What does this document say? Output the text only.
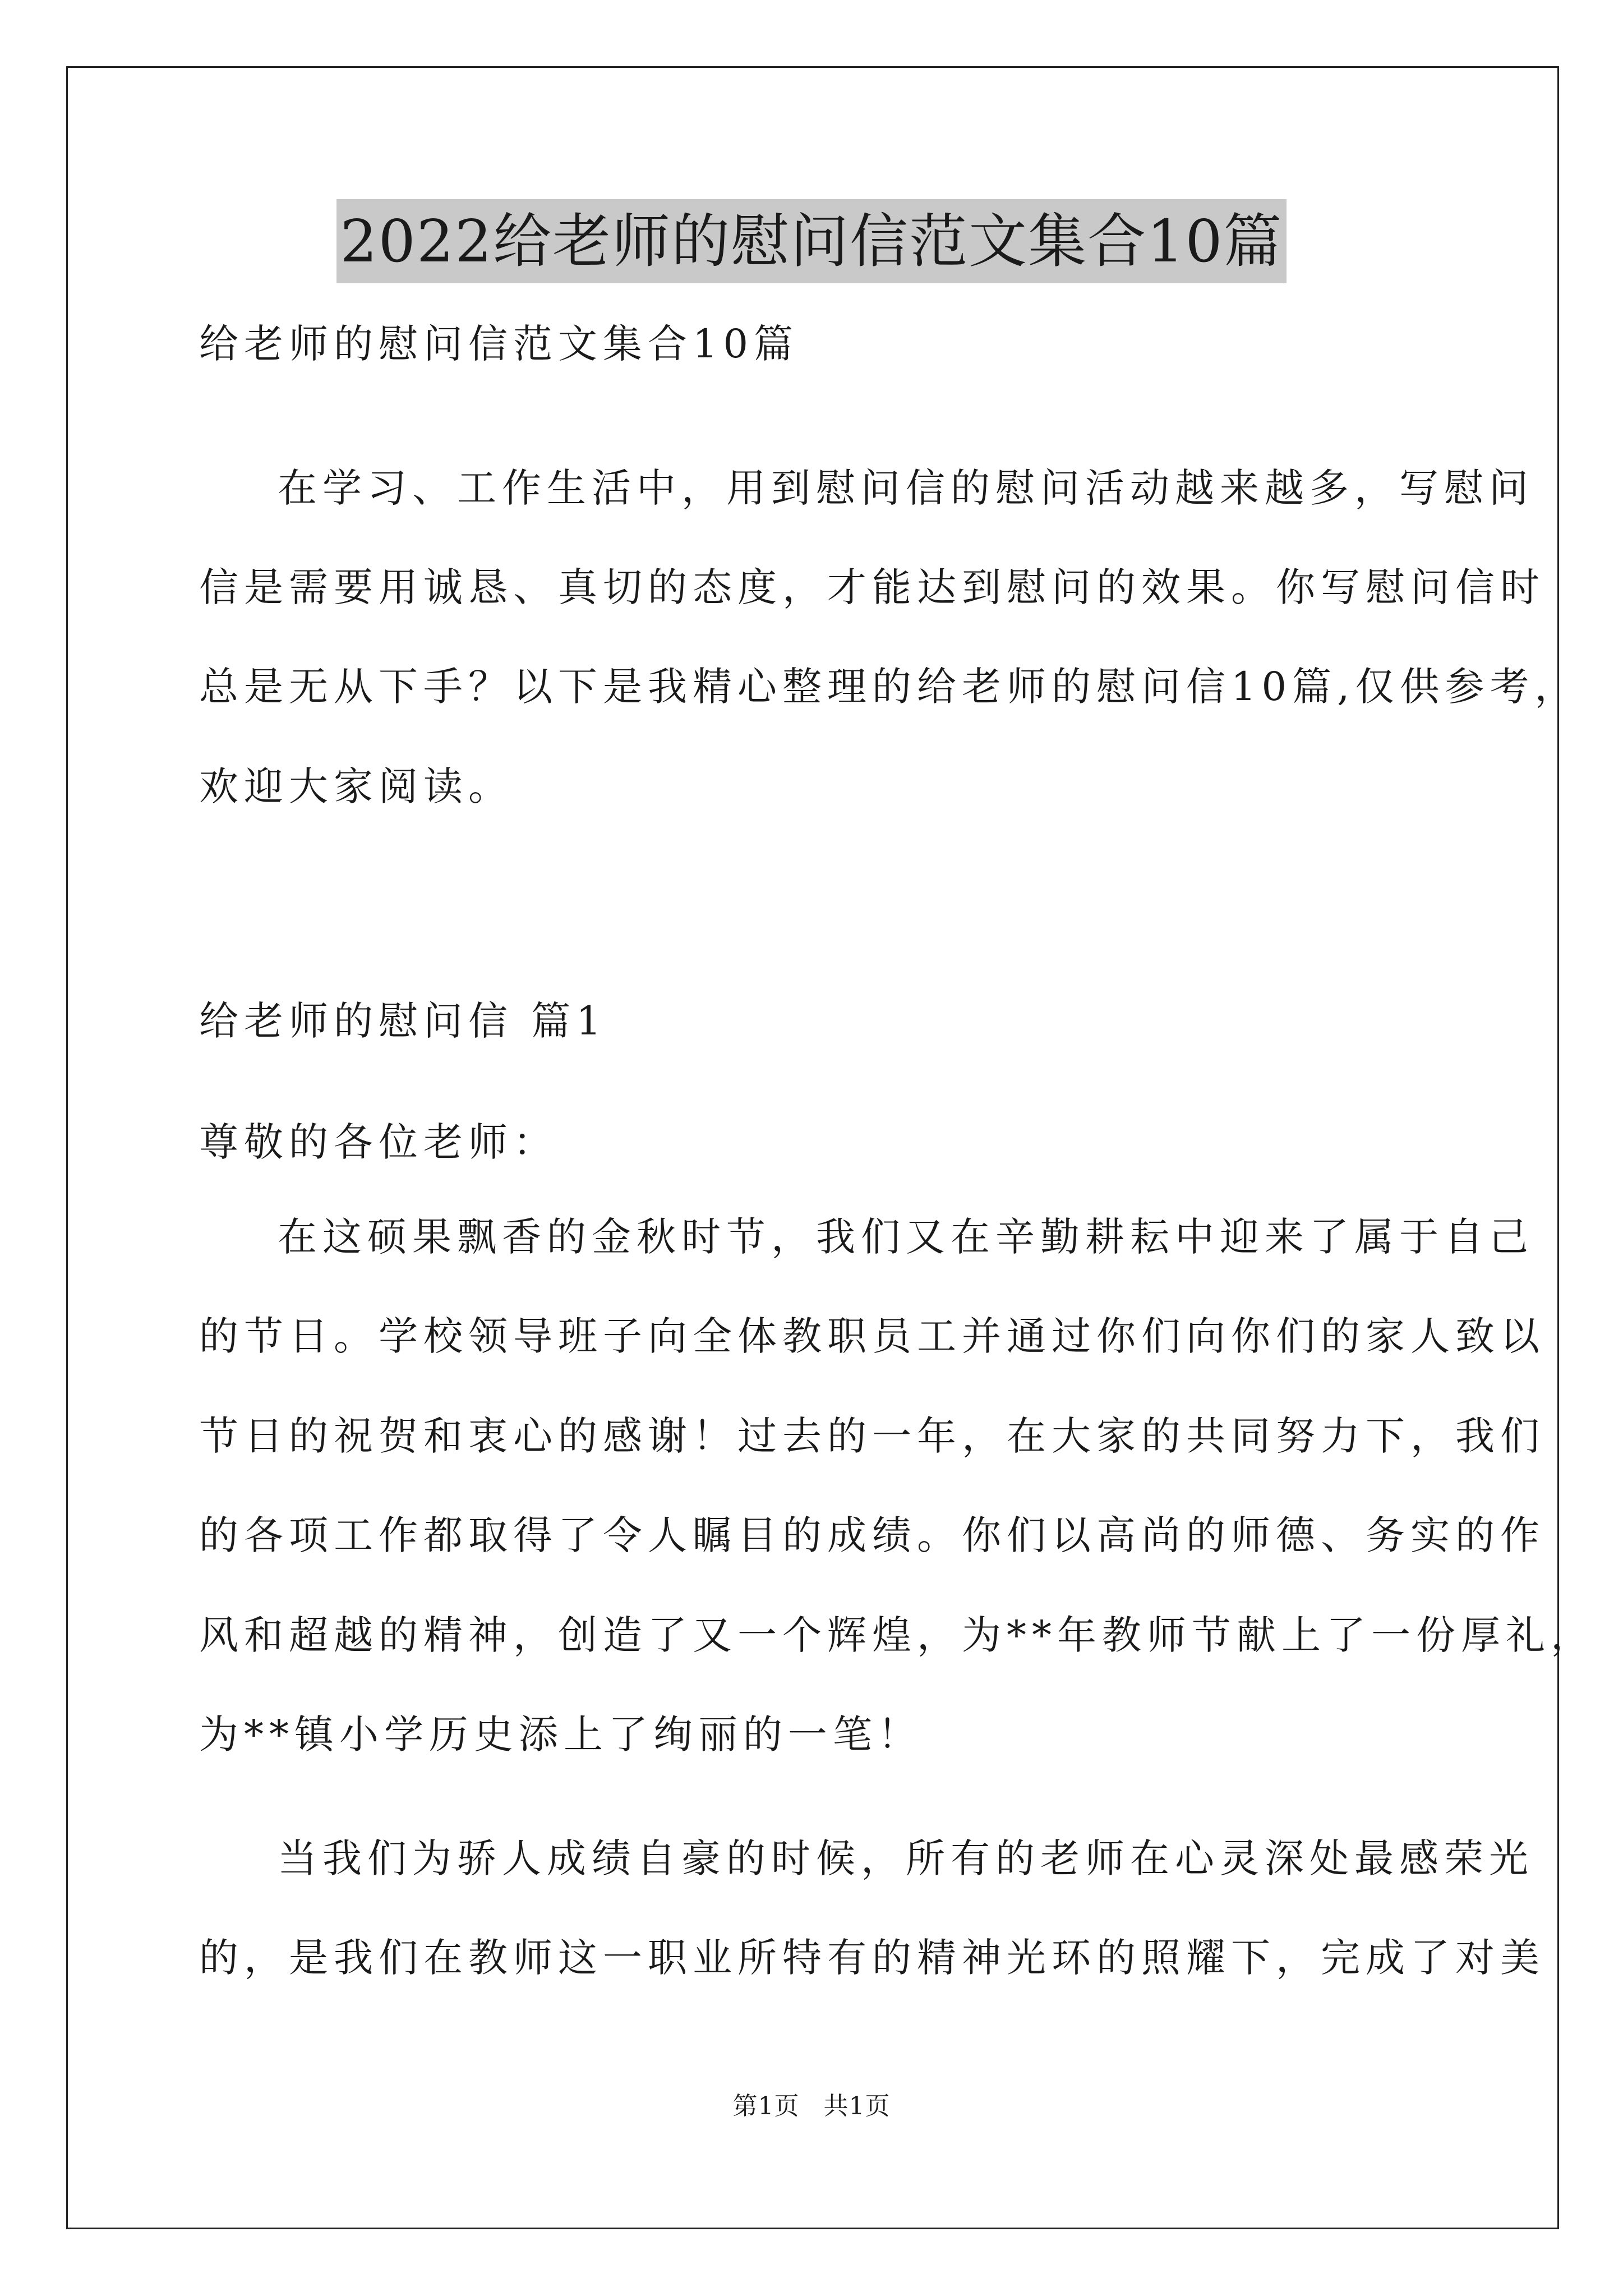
2022给老师的慰问信范文集合10篇
给老师的慰问信范文集合10篇
在学习、工作生活中，用到慰问信的慰问活动越来越多，写慰问
信是需要用诚恳、真切的态度，才能达到慰问的效果。你写慰问信时
总是无从下手？以下是我精心整理的给老师的慰问信10篇,仅供参考，
欢迎大家阅读。
给老师的慰问信 篇1
尊敬的各位老师：
在这硕果飘香的金秋时节，我们又在辛勤耕耘中迎来了属于自己
的节日。学校领导班子向全体教职员工并通过你们向你们的家人致以
节日的祝贺和衷心的感谢！过去的一年，在大家的共同努力下，我们
的各项工作都取得了令人瞩目的成绩。你们以高尚的师德、务实的作
风和超越的精神，创造了又一个辉煌，为**年教师节献上了一份厚礼，
为**镇小学历史添上了绚丽的一笔！
当我们为骄人成绩自豪的时候，所有的老师在心灵深处最感荣光
的，是我们在教师这一职业所特有的精神光环的照耀下，完成了对美
第1页 共1页
